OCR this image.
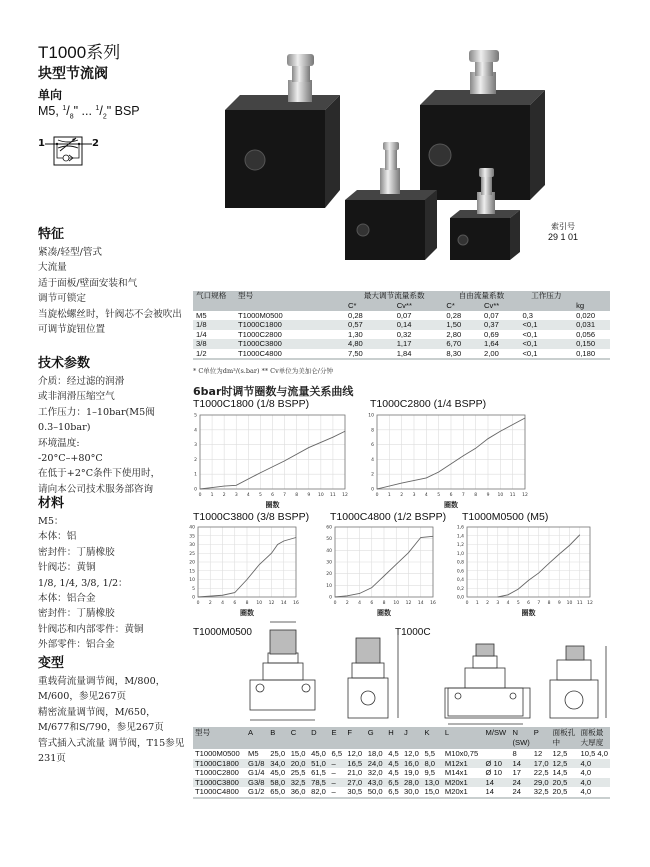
T1000系列
块型节流阀
单向
M5, $^1/_8$" ... $^1/_2$" BSP
1	2
索引号
29 1 01
特征
紧凑/轻型/管式
大流量
适于面板/壁面安装和气
调节可锁定
当旋松螺丝时，针阀芯不会被吹出
可调节旋钮位置
技术参数
介质：经过滤的润滑
或非润滑压缩空气
工作压力：1–10bar(M5阀
0.3–10bar)
环境温度:
-20°C–+80°C
在低于+2°C条件下使用时，
请向本公司技术服务部咨询
材料
M5：
本体：铝
密封件：丁腈橡胶
针阀芯：黄铜
1/8, 1/4, 3/8, 1/2：
本体：铝合金
密封件：丁腈橡胶
针阀芯和内部零件：黄铜
外部零件：铝合金
变型
重载荷流量调节阀，M/800，
M/600，参见267页
精密流量调节阀，M/650，
M/677和S/790，参见267页
管式插入式流量 调节阀，T15参见231页
气口规格	型号	最大调节流量系数		自由流量系数		工作压力	
		C*	Cv**	C*	Cv**		kg
M5	T1000M0500	0,28	0,07	0,28	0,07	0,3	0,020
1/8	T1000C1800	0,57	0,14	1,50	0,37	<0,1	0,031
1/4	T1000C2800	1,30	0,32	2,80	0,69	<0,1	0,056
3/8	T1000C3800	4,80	1,17	6,70	1,64	<0,1	0,150
1/2	T1000C4800	7,50	1,84	8,30	2,00	<0,1	0,180
* C单位为dm³/(s.bar) ** Cv单位为美加仑/分钟
6bar时调节圈数与流量关系曲线
T1000C1800 (1/8 BSPP)
0 1 2 3 4 5 6 7 8 9 10 11 12
0
1
2
3
4
5
圈数
T1000C2800 (1/4 BSPP)
0 1 2 3 4 5 6 7 8 9 10 11 12
0
2
4
6
8
10
圈数
T1000C3800 (3/8 BSPP)
0 2 4 6 8 10 12 14 16
0
5
10
15
20
25
30
35
40
圈数
T1000C4800 (1/2 BSPP)
0 2 4 6 8 10 12 14 16
0
10
20
30
40
50
60
圈数
T1000M0500 (M5)
0 1 2 3 4 5 6 7 8 9 10 11 12
0,0
0,2
0,4
0,6
0,8
1,0
1,2
1,4
1,6
圈数
T1000M0500	T1000C
型号	A	B	C	D	E	F	G	H	J	K	L	M/SW	N (SW)	P	面板孔中	面板最大厚度
T1000M0500	M5	25,0	15,0	45,0	6,5	12,0	18,0	4,5	12,0	5,5	M10x0,75		8	12	12,5	10,5 4,0
T1000C1800	G1/8	34,0	20,0	51,0	–	16,5	24,0	4,5	16,0	8,0	M12x1	Ø 10	14	17,0	12,5	4,0
T1000C2800	G1/4	45,0	25,5	61,5	–	21,0	32,0	4,5	19,0	9,5	M14x1	Ø 10	17	22,5	14,5	4,0
T1000C3800	G3/8	58,0	32,5	78,5	–	27,0	43,0	6,5	28,0	13,0	M20x1	14	24	29,0	20,5	4,0
T1000C4800	G1/2	65,0	36,0	82,0	–	30,5	50,0	6,5	30,0	15,0	M20x1	14	24	32,5	20,5	4,0
